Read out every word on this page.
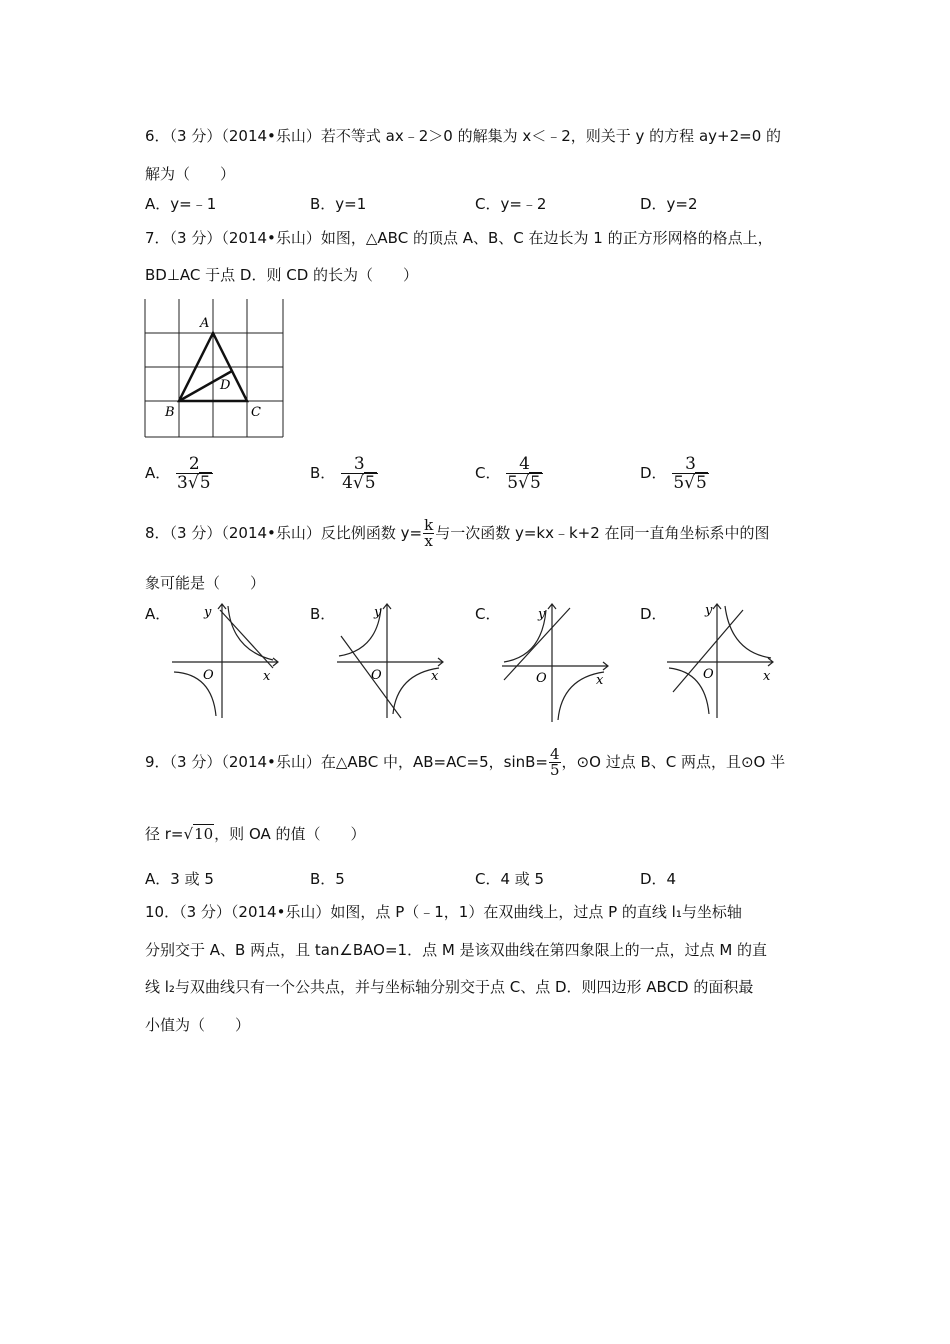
6．（3 分）（2014•乐山）若不等式 ax﹣2＞0 的解集为 x＜﹣2，则关于 y 的方程 ay+2=0 的
解为（　　）
A．y=﹣1	B．y=1	C．y=﹣2	D．y=2
7．（3 分）（2014•乐山）如图，△ABC 的顶点 A、B、C 在边长为 1 的正方形网格的格点上，
BD⊥AC 于点 D．则 CD 的长为（　　）
A
B	C
D
A． $\frac{2}{3√5}$	B． $\frac{3}{4√5}$	C． $\frac{4}{5√5}$	D． $\frac{3}{5√5}$
8．（3 分）（2014•乐山）反比例函数 $y= \frac{k}{x}$ 与一次函数 y=kx﹣k+2 在同一直角坐标系中的图
象可能是（　　）
A．	B．	C．	D．
y
x
O
y
x
O
y
x
O
y
x
O
9．（3 分）（2014•乐山）在△ABC 中，AB=AC=5，$\sin B= \frac{4}{5}$ ，⊙O 过点 B、C 两点，且⊙O 半
径 r=√10，则 OA 的值（　　）
A．3 或 5	B．5	C．4 或 5	D．4
10．（3 分）（2014•乐山）如图，点 P（﹣1，1）在双曲线上，过点 P 的直线 l₁与坐标轴
分别交于 A、B 两点，且 tan∠BAO=1．点 M 是该双曲线在第四象限上的一点，过点 M 的直
线 l₂与双曲线只有一个公共点，并与坐标轴分别交于点 C、点 D．则四边形 ABCD 的面积最
小值为（　　）
